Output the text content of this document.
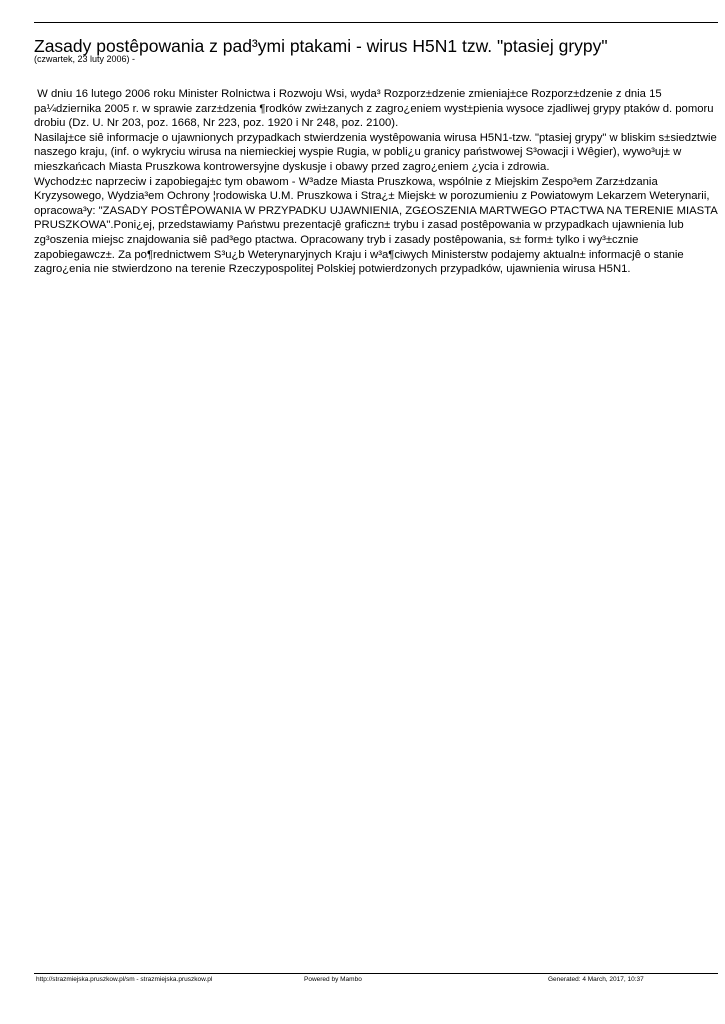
Zasady postêpowania z pad³ymi ptakami - wirus H5N1 tzw. "ptasiej grypy"
(czwartek, 23 luty 2006) -

W dniu 16 lutego 2006 roku Minister Rolnictwa i Rozwoju Wsi, wyda³ Rozporz±dzenie zmieniaj±ce Rozporz±dzenie z dnia 15 pa¼dziernika 2005 r. w sprawie zarz±dzenia ¶rodków zwi±zanych z zagro¿eniem wyst±pienia wysoce zjadliwej grypy ptaków d. pomoru drobiu (Dz. U. Nr 203, poz. 1668, Nr 223, poz. 1920 i Nr 248, poz. 2100).

Nasilaj±ce siê informacje o ujawnionych przypadkach stwierdzenia wystêpowania wirusa H5N1-tzw. "ptasiej grypy" w bliskim s±siedztwie naszego kraju, (inf. o wykryciu wirusa na niemieckiej wyspie Rugia, w pobli¿u granicy państwowej S³owacji i Wêgier), wywo³uj± w mieszkańcach Miasta Pruszkowa kontrowersyjne dyskusje i obawy przed zagro¿eniem ¿ycia i zdrowia.

Wychodz±c naprzeciw i zapobiegaj±c tym obawom - W³adze Miasta Pruszkowa, wspólnie z Miejskim Zespo³em Zarz±dzania Kryzysowego, Wydzia³em Ochrony ¦rodowiska U.M. Pruszkowa i Stra¿± Miejsk± w porozumieniu z Powiatowym Lekarzem Weterynarii, opracowa³y: "ZASADY POSTÊPOWANIA W PRZYPADKU UJAWNIENIA, ZG£OSZENIA MARTWEGO PTACTWA NA TERENIE MIASTA PRUSZKOWA".Poni¿ej, przedstawiamy Państwu prezentacjê graficzn± trybu i zasad postêpowania w przypadkach ujawnienia lub zg³oszenia miejsc znajdowania siê pad³ego ptactwa. Opracowany tryb i zasady postêpowania, s± form± tylko i wy³±cznie zapobiegawcz±. Za po¶rednictwem S³u¿b Weterynaryjnych Kraju i w³a¶ciwych Ministerstw podajemy aktualn± informacjê o stanie zagro¿enia nie stwierdzono na terenie Rzeczypospolitej Polskiej potwierdzonych przypadków, ujawnienia wirusa H5N1.

http://strazmiejska.pruszkow.pl/sm - strazmiejska.pruszkow.pl	Powered by Mambo	Generated: 4 March, 2017, 10:37
